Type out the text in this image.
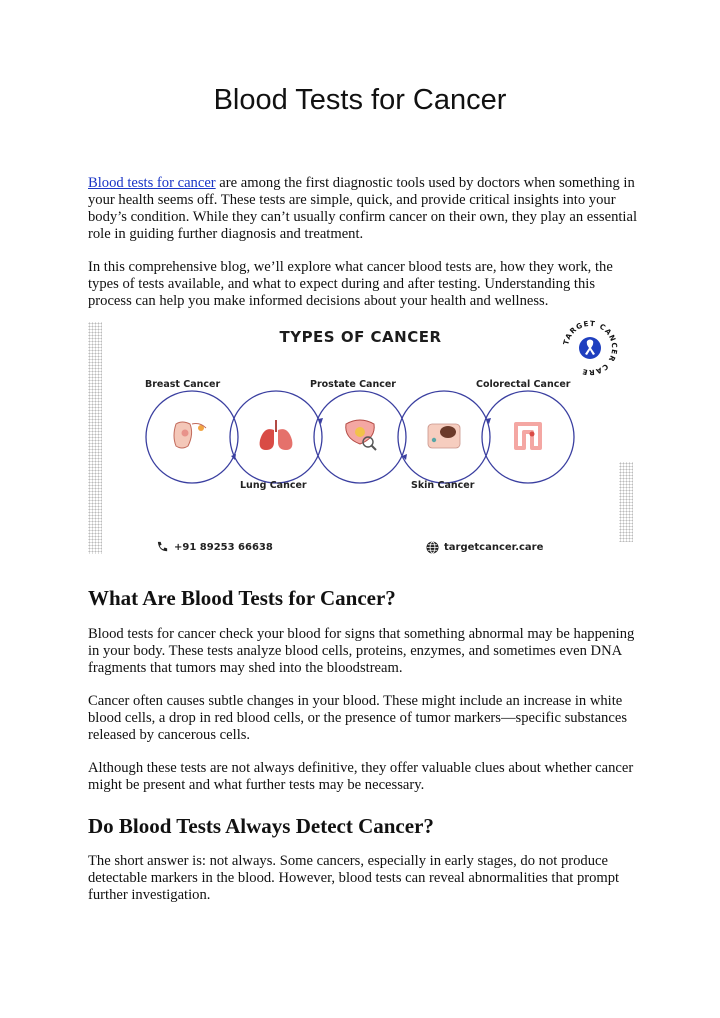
Blood Tests for Cancer

Blood tests for cancer are among the first diagnostic tools used by doctors when something in your health seems off. These tests are simple, quick, and provide critical insights into your body’s condition. While they can’t usually confirm cancer on their own, they play an essential role in guiding further diagnosis and treatment.

In this comprehensive blog, we’ll explore what cancer blood tests are, how they work, the types of tests available, and what to expect during and after testing. Understanding this process can help you make informed decisions about your health and wellness.

TYPES OF CANCER	TARGET CANCER CARE
Breast Cancer	Prostate Cancer	Colorectal Cancer
Lung Cancer	Skin Cancer
+91 89253 66638	targetcancer.care
What Are Blood Tests for Cancer?

Blood tests for cancer check your blood for signs that something abnormal may be happening in your body. These tests analyze blood cells, proteins, enzymes, and sometimes even DNA fragments that tumors may shed into the bloodstream.

Cancer often causes subtle changes in your blood. These might include an increase in white blood cells, a drop in red blood cells, or the presence of tumor markers—specific substances released by cancerous cells.

Although these tests are not always definitive, they offer valuable clues about whether cancer might be present and what further tests may be necessary.

Do Blood Tests Always Detect Cancer?

The short answer is: not always. Some cancers, especially in early stages, do not produce detectable markers in the blood. However, blood tests can reveal abnormalities that prompt further investigation.
